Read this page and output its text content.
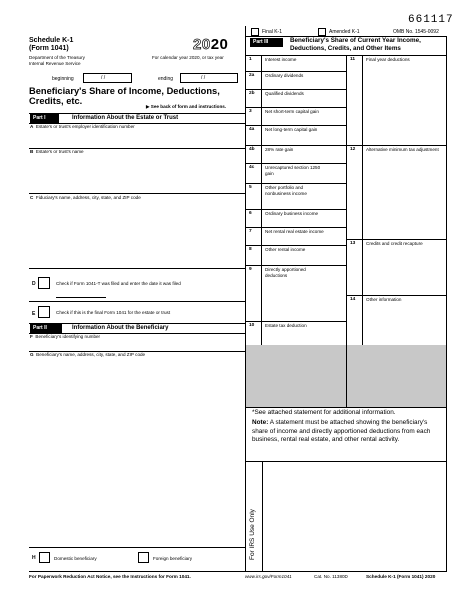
661117
Final K-1	Amended K-1	OMB No. 1545-0092
Schedule K-1
(Form 1041)	2020
Department of the Treasury
Internal Revenue Service
For calendar year 2020, or tax year
beginning	/ /	ending	/ /
Beneficiary's Share of Income, Deductions,
Credits, etc.
▶ See back of form and instructions.
Part I	Information About the Estate or Trust
A Estate's or trust's employer identification number
B Estate's or trust's name
C Fiduciary's name, address, city, state, and ZIP code
D	Check if Form 1041-T was filed and enter the date it was filed
E	Check if this is the final Form 1041 for the estate or trust
Part II	Information About the Beneficiary
F Beneficiary's identifying number
G Beneficiary's name, address, city, state, and ZIP code
H	Domestic beneficiary	Foreign beneficiary
Part III	Beneficiary's Share of Current Year Income,
Deductions, Credits, and Other Items
1	Interest income
2a Ordinary dividends
2b Qualified dividends
3	Net short-term capital gain
4a Net long-term capital gain
4b 28% rate gain
4c Unrecaptured section 1250 gain
5	Other portfolio and nonbusiness income
6	Ordinary business income
7	Net rental real estate income
8	Other rental income
9	Directly apportioned deductions
10 Estate tax deduction
11 Final year deductions
12 Alternative minimum tax adjustment
13 Credits and credit recapture
14 Other information
*See attached statement for additional information.
Note: A statement must be attached showing the beneficiary's share of income and directly apportioned deductions from each business, rental real estate, and other rental activity.
For IRS Use Only
For Paperwork Reduction Act Notice, see the Instructions for Form 1041.	www.irs.gov/Form1041	Cat. No. 11380D	Schedule K-1 (Form 1041) 2020
